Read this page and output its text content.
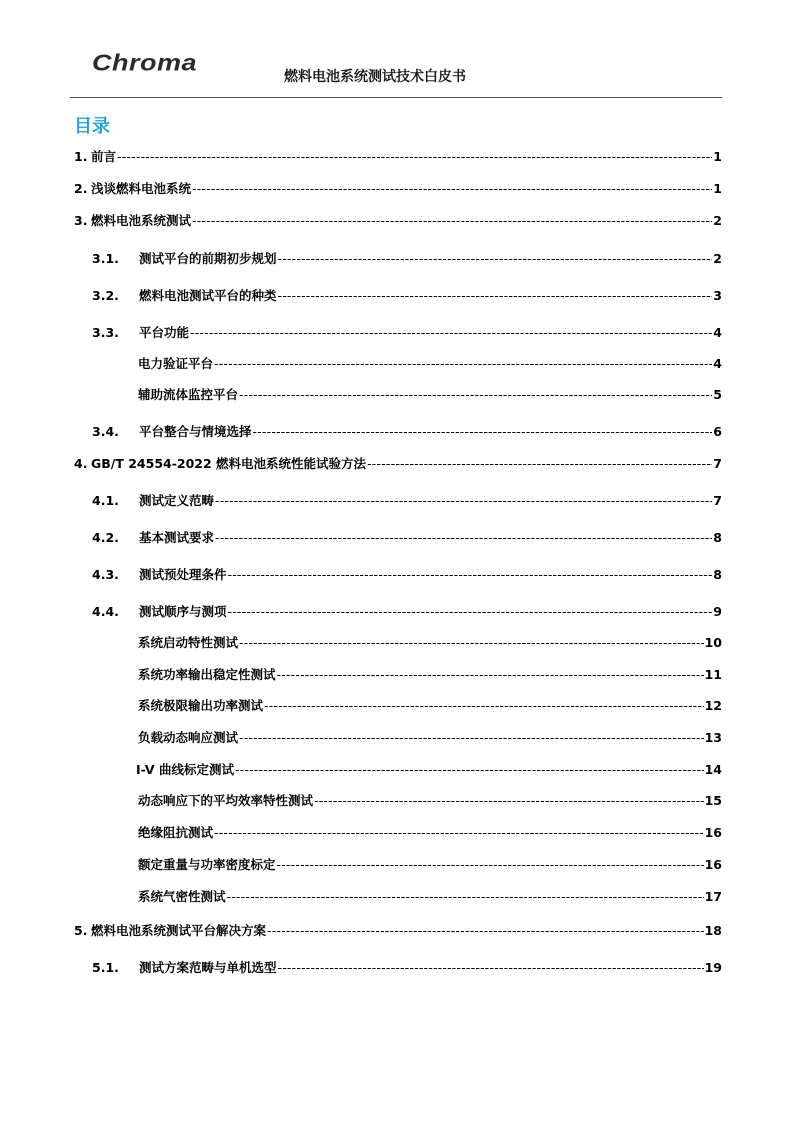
Chroma
燃料电池系统测试技术白皮书
目录
1. 前言 -----	1
2. 浅谈燃料电池系统 -----	1
3. 燃料电池系统测试 -----	2
3.1.	测试平台的前期初步规划 -----	2
3.2.	燃料电池测试平台的种类 -----	3
3.3.	平台功能 -----	4
电力验证平台 -----	4
辅助流体监控平台 -----	5
3.4.	平台整合与情境选择 -----	6
4. GB/T 24554-2022 燃料电池系统性能试验方法 -----	7
4.1.	测试定义范畴 -----	7
4.2.	基本测试要求 -----	8
4.3.	测试预处理条件 -----	8
4.4.	测试顺序与测项 -----	9
系统启动特性测试 -----	10
系统功率输出稳定性测试 -----	11
系统极限输出功率测试 -----	12
负载动态响应测试 -----	13
I-V 曲线标定测试 -----	14
动态响应下的平均效率特性测试 -----	15
绝缘阻抗测试 -----	16
额定重量与功率密度标定 -----	16
系统气密性测试 -----	17
5. 燃料电池系统测试平台解决方案 -----	18
5.1.	测试方案范畴与单机选型 -----	19
